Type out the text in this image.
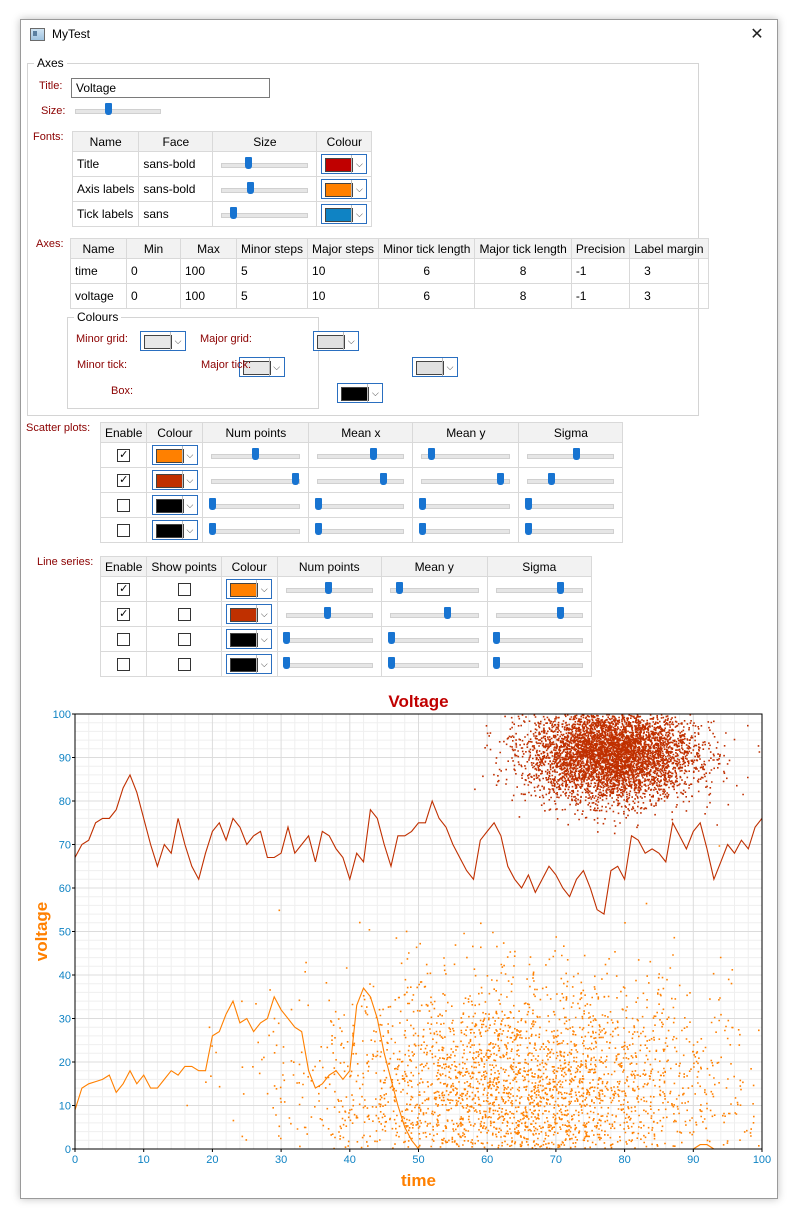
MyTest	✕
Axes
Title:
Voltage
Size:
Fonts: Name	Face	Size	Colour
Title	sans-bold		⌵

Axis labels	sans-bold		⌵

Tick labels	sans		⌵
Axes: Name	Min	Max	Minor steps	Major steps	Minor tick length	Major tick length	Precision	Label margin
time	0	100	5	10	6	8	-1	3
voltage	0	100	5	10	6	8	-1	3
Colours
Minor grid:	⌵
	Major grid:	⌵

Minor tick:	⌵

Major tick:	⌵

Box:	⌵
Scatter plots: Enable	Colour	Num points	Mean x	Mean y	Sigma
✓	⌵				

✓	⌵				

	⌵				

	⌵				

Line series: Enable	Show points	Colour	Num points	Mean y	Sigma
✓		⌵			

✓		⌵			

		⌵			

		⌵			

0	10	20	30	40	50	60	70	80	90	100
0
10
20
30
40
50
60
70
80
90
100
Voltage
time
voltage
